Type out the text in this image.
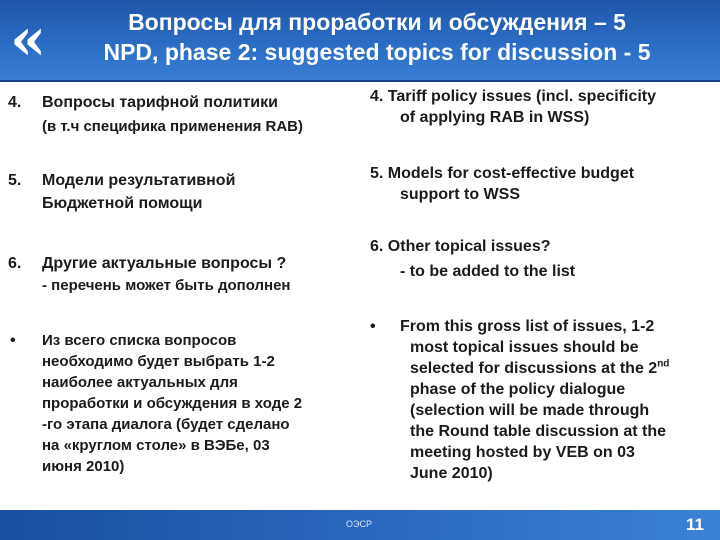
«	Вопросы для проработки и обсуждения – 5
NPD, phase 2: suggested topics for discussion - 5
4. Вопросы тарифной политики
(в т.ч специфика применения RAB)
5. Модели результативной
Бюджетной помощи
6. Другие актуальные вопросы ?
- перечень может быть дополнен
• Из всего списка вопросов
необходимо будет выбрать 1-2
наиболее актуальных для
проработки и обсуждения в ходе 2
-го этапа диалога (будет сделано
на «круглом столе» в ВЭБе, 03
июня 2010)
4. Tariff policy issues (incl. specificity
of applying RAB in WSS)
5. Models for cost-effective budget
support to WSS
6. Other topical issues?
- to be added to the list
• From this gross list of issues, 1-2
most topical issues should be
selected for discussions at the 2nd
phase of the policy dialogue
(selection will be made through
the Round table discussion at the
meeting hosted by VEB on 03
June 2010)
ОЭСР	11
